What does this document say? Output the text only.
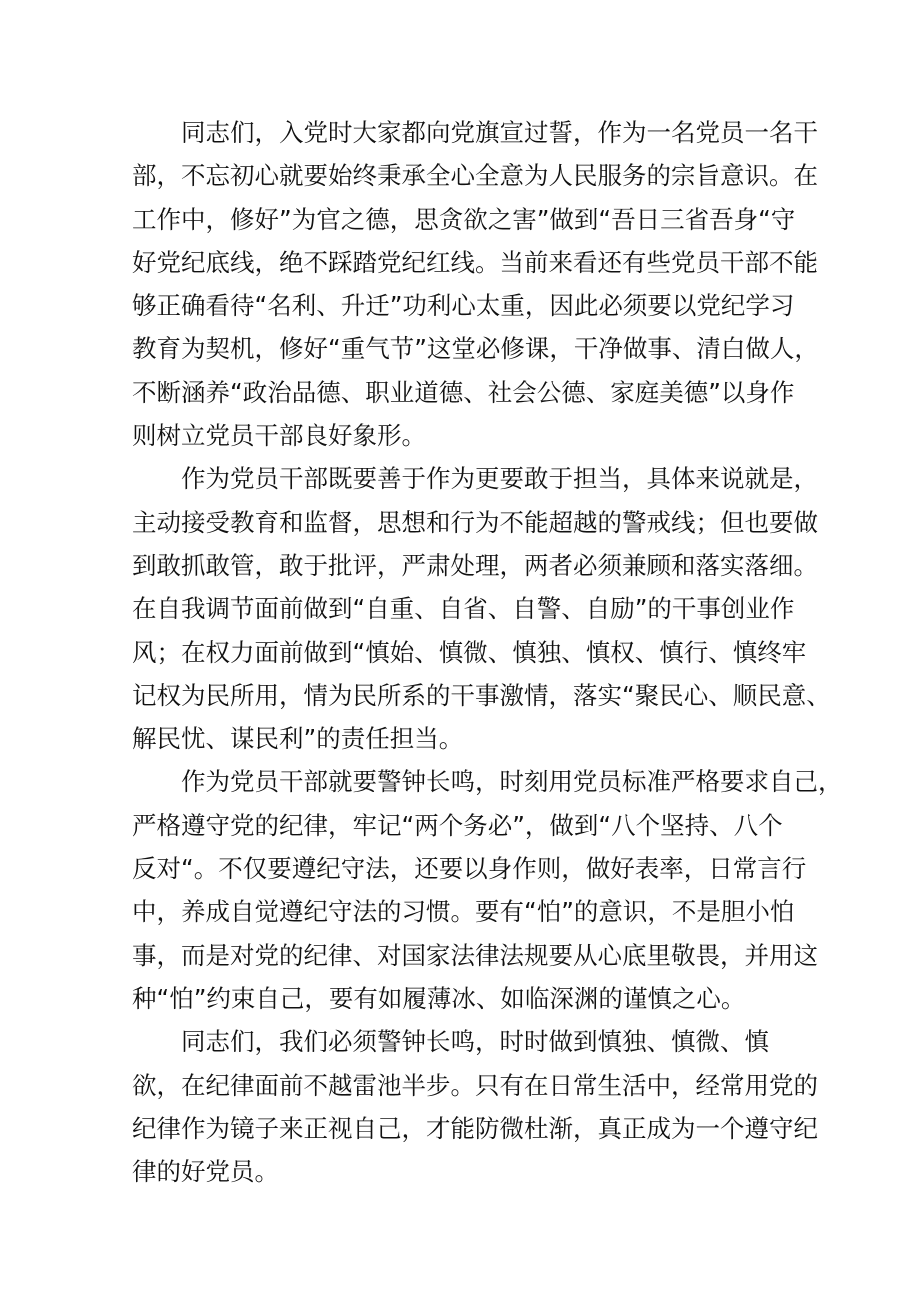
同志们，入党时大家都向党旗宣过誓，作为一名党员一名干
部，不忘初心就要始终秉承全心全意为人民服务的宗旨意识。在
工作中，修好”为官之德，思贪欲之害”做到“吾日三省吾身“守
好党纪底线，绝不踩踏党纪红线。当前来看还有些党员干部不能
够正确看待“名利、升迁”功利心太重，因此必须要以党纪学习
教育为契机，修好“重气节”这堂必修课，干净做事、清白做人，
不断涵养“政治品德、职业道德、社会公德、家庭美德”以身作
则树立党员干部良好象形。
作为党员干部既要善于作为更要敢于担当，具体来说就是，
主动接受教育和监督，思想和行为不能超越的警戒线；但也要做
到敢抓敢管，敢于批评，严肃处理，两者必须兼顾和落实落细。
在自我调节面前做到“自重、自省、自警、自励”的干事创业作
风；在权力面前做到“慎始、慎微、慎独、慎权、慎行、慎终牢
记权为民所用，情为民所系的干事激情，落实“聚民心、顺民意、
解民忧、谋民利”的责任担当。
作为党员干部就要警钟长鸣，时刻用党员标准严格要求自己，
严格遵守党的纪律，牢记“两个务必”，做到“八个坚持、八个
反对“。不仅要遵纪守法，还要以身作则，做好表率，日常言行
中，养成自觉遵纪守法的习惯。要有“怕”的意识，不是胆小怕
事，而是对党的纪律、对国家法律法规要从心底里敬畏，并用这
种“怕”约束自己，要有如履薄冰、如临深渊的谨慎之心。
同志们，我们必须警钟长鸣，时时做到慎独、慎微、慎
欲，在纪律面前不越雷池半步。只有在日常生活中，经常用党的
纪律作为镜子来正视自己，才能防微杜渐，真正成为一个遵守纪
律的好党员。
